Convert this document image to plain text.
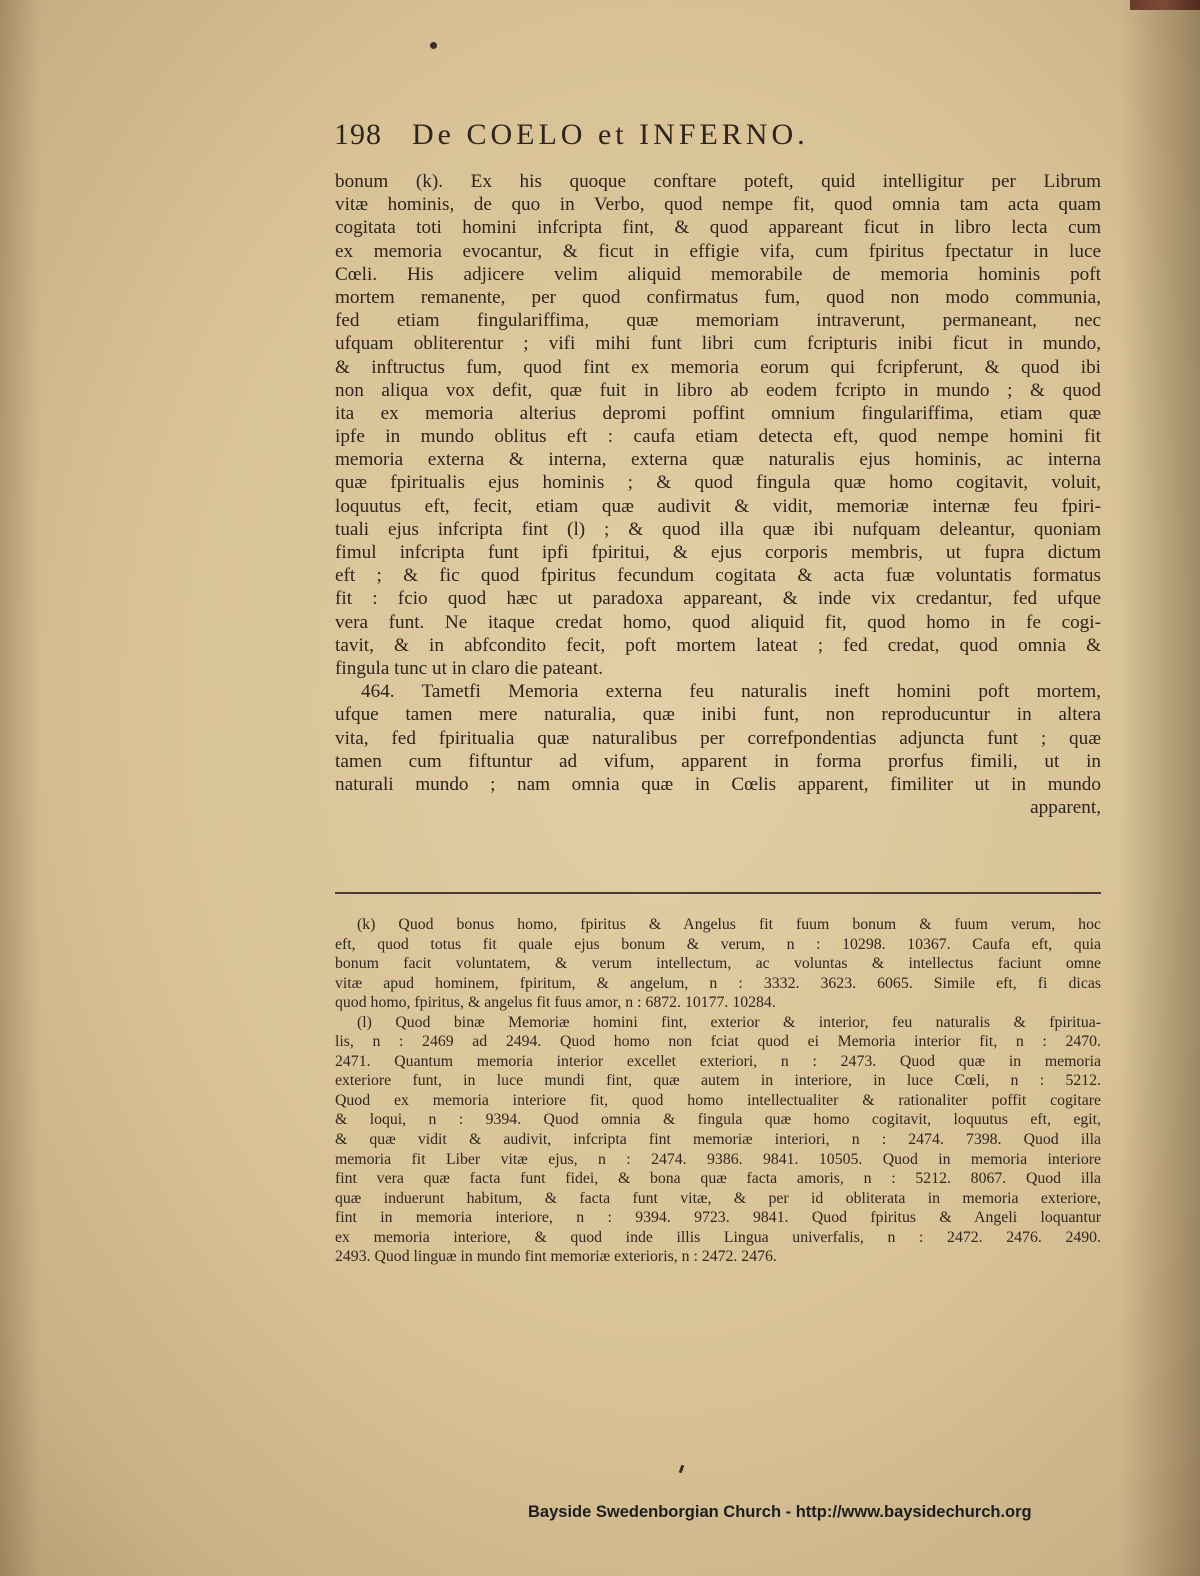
198 De COELO et INFERNO.
bonum (k). Ex his quoque conftare poteft, quid intelligitur per Librum
vitæ hominis, de quo in Verbo, quod nempe fit, quod omnia tam acta quam
cogitata toti homini infcripta fint, & quod appareant ficut in libro lecta cum
ex memoria evocantur, & ficut in effigie vifa, cum fpiritus fpectatur in luce
Cœli. His adjicere velim aliquid memorabile de memoria hominis poft
mortem remanente, per quod confirmatus fum, quod non modo communia,
fed etiam fingulariffima, quæ memoriam intraverunt, permaneant, nec
ufquam obliterentur ; vifi mihi funt libri cum fcripturis inibi ficut in mundo,
& inftructus fum, quod fint ex memoria eorum qui fcripferunt, & quod ibi
non aliqua vox defit, quæ fuit in libro ab eodem fcripto in mundo ; & quod
ita ex memoria alterius depromi poffint omnium fingulariffima, etiam quæ
ipfe in mundo oblitus eft : caufa etiam detecta eft, quod nempe homini fit
memoria externa & interna, externa quæ naturalis ejus hominis, ac interna
quæ fpiritualis ejus hominis ; & quod fingula quæ homo cogitavit, voluit,
loquutus eft, fecit, etiam quæ audivit & vidit, memoriæ internæ feu fpiri-
tuali ejus infcripta fint (l) ; & quod illa quæ ibi nufquam deleantur, quoniam
fimul infcripta funt ipfi fpiritui, & ejus corporis membris, ut fupra dictum
eft ; & fic quod fpiritus fecundum cogitata & acta fuæ voluntatis formatus
fit : fcio quod hæc ut paradoxa appareant, & inde vix credantur, fed ufque
vera funt. Ne itaque credat homo, quod aliquid fit, quod homo in fe cogi-
tavit, & in abfcondito fecit, poft mortem lateat ; fed credat, quod omnia &
fingula tunc ut in claro die pateant.
464. Tametfi Memoria externa feu naturalis ineft homini poft mortem,
ufque tamen mere naturalia, quæ inibi funt, non reproducuntur in altera
vita, fed fpiritualia quæ naturalibus per correfpondentias adjuncta funt ; quæ
tamen cum fiftuntur ad vifum, apparent in forma prorfus fimili, ut in
naturali mundo ; nam omnia quæ in Cœlis apparent, fimiliter ut in mundo
apparent,
(k) Quod bonus homo, fpiritus & Angelus fit fuum bonum & fuum verum, hoc
eft, quod totus fit quale ejus bonum & verum, n : 10298. 10367. Caufa eft, quia
bonum facit voluntatem, & verum intellectum, ac voluntas & intellectus faciunt omne
vitæ apud hominem, fpiritum, & angelum, n : 3332. 3623. 6065. Simile eft, fi dicas
quod homo, fpiritus, & angelus fit fuus amor, n : 6872. 10177. 10284.
(l) Quod binæ Memoriæ homini fint, exterior & interior, feu naturalis & fpiritua-
lis, n : 2469 ad 2494. Quod homo non fciat quod ei Memoria interior fit, n : 2470.
2471. Quantum memoria interior excellet exteriori, n : 2473. Quod quæ in memoria
exteriore funt, in luce mundi fint, quæ autem in interiore, in luce Cœli, n : 5212.
Quod ex memoria interiore fit, quod homo intellectualiter & rationaliter poffit cogitare
& loqui, n : 9394. Quod omnia & fingula quæ homo cogitavit, loquutus eft, egit,
& quæ vidit & audivit, infcripta fint memoriæ interiori, n : 2474. 7398. Quod illa
memoria fit Liber vitæ ejus, n : 2474. 9386. 9841. 10505. Quod in memoria interiore
fint vera quæ facta funt fidei, & bona quæ facta amoris, n : 5212. 8067. Quod illa
quæ induerunt habitum, & facta funt vitæ, & per id obliterata in memoria exteriore,
fint in memoria interiore, n : 9394. 9723. 9841. Quod fpiritus & Angeli loquantur
ex memoria interiore, & quod inde illis Lingua univerfalis, n : 2472. 2476. 2490.
2493. Quod linguæ in mundo fint memoriæ exterioris, n : 2472. 2476.
Bayside Swedenborgian Church - http://www.baysidechurch.org
